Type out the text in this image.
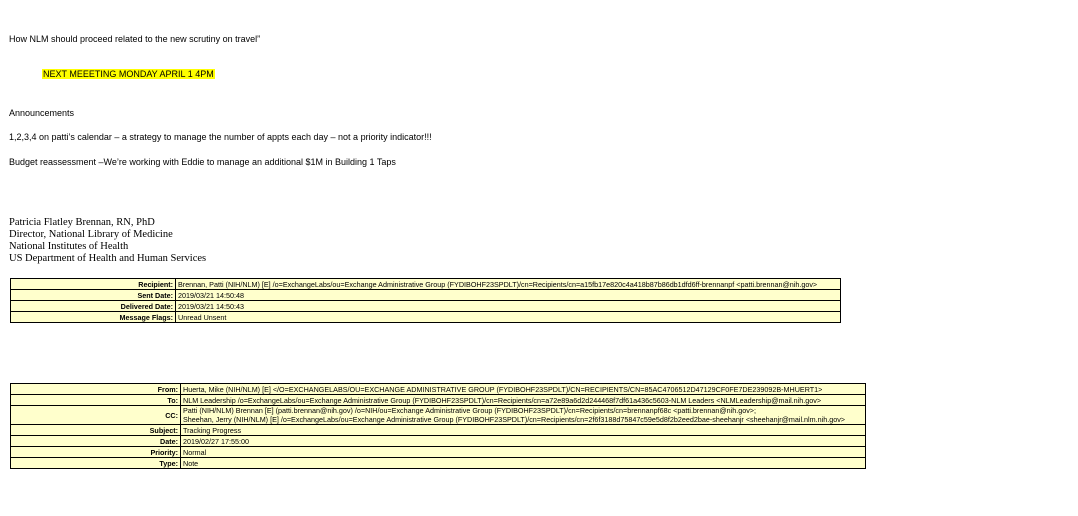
How NLM should proceed related to the new scrutiny on travel”
NEXT MEEETING MONDAY APRIL 1 4PM
Announcements
1,2,3,4 on patti’s calendar – a strategy to manage the number of appts each day – not a priority indicator!!!
Budget reassessment –We’re working with Eddie to manage an additional $1M in Building 1 Taps
Patricia Flatley Brennan, RN, PhD
Director, National Library of Medicine
National Institutes of Health
US Department of Health and Human Services
Recipient:	Brennan, Patti (NIH/NLM) [E] /o=ExchangeLabs/ou=Exchange Administrative Group (FYDIBOHF23SPDLT)/cn=Recipients/cn=a15fb17e820c4a418b87b86db1dfd6ff-brennanpf <patti.brennan@nih.gov>
Sent Date:	2019/03/21 14:50:48
Delivered Date:	2019/03/21 14:50:43
Message Flags:	Unread Unsent
From:	Huerta, Mike (NIH/NLM) [E] </O=EXCHANGELABS/OU=EXCHANGE ADMINISTRATIVE GROUP (FYDIBOHF23SPDLT)/CN=RECIPIENTS/CN=85AC4706512D47129CF0FE7DE239092B-MHUERT1>
To:	NLM Leadership /o=ExchangeLabs/ou=Exchange Administrative Group (FYDIBOHF23SPDLT)/cn=Recipients/cn=a72e89a6d2d244468f7df61a436c5603-NLM Leaders <NLMLeadership@mail.nih.gov>
CC:	Patti (NIH/NLM) Brennan [E] (patti.brennan@nih.gov) /o=NIH/ou=Exchange Administrative Group (FYDIBOHF23SPDLT)/cn=Recipients/cn=brennanpf68c <patti.brennan@nih.gov>;
Sheehan, Jerry (NIH/NLM) [E] /o=ExchangeLabs/ou=Exchange Administrative Group (FYDIBOHF23SPDLT)/cn=Recipients/cn=2f6f3188d75847c59e5d8f2b2eed2bae-sheehanjr <sheehanjr@mail.nlm.nih.gov>

Subject:	Tracking Progress
Date:	2019/02/27 17:55:00
Priority:	Normal
Type:	Note
